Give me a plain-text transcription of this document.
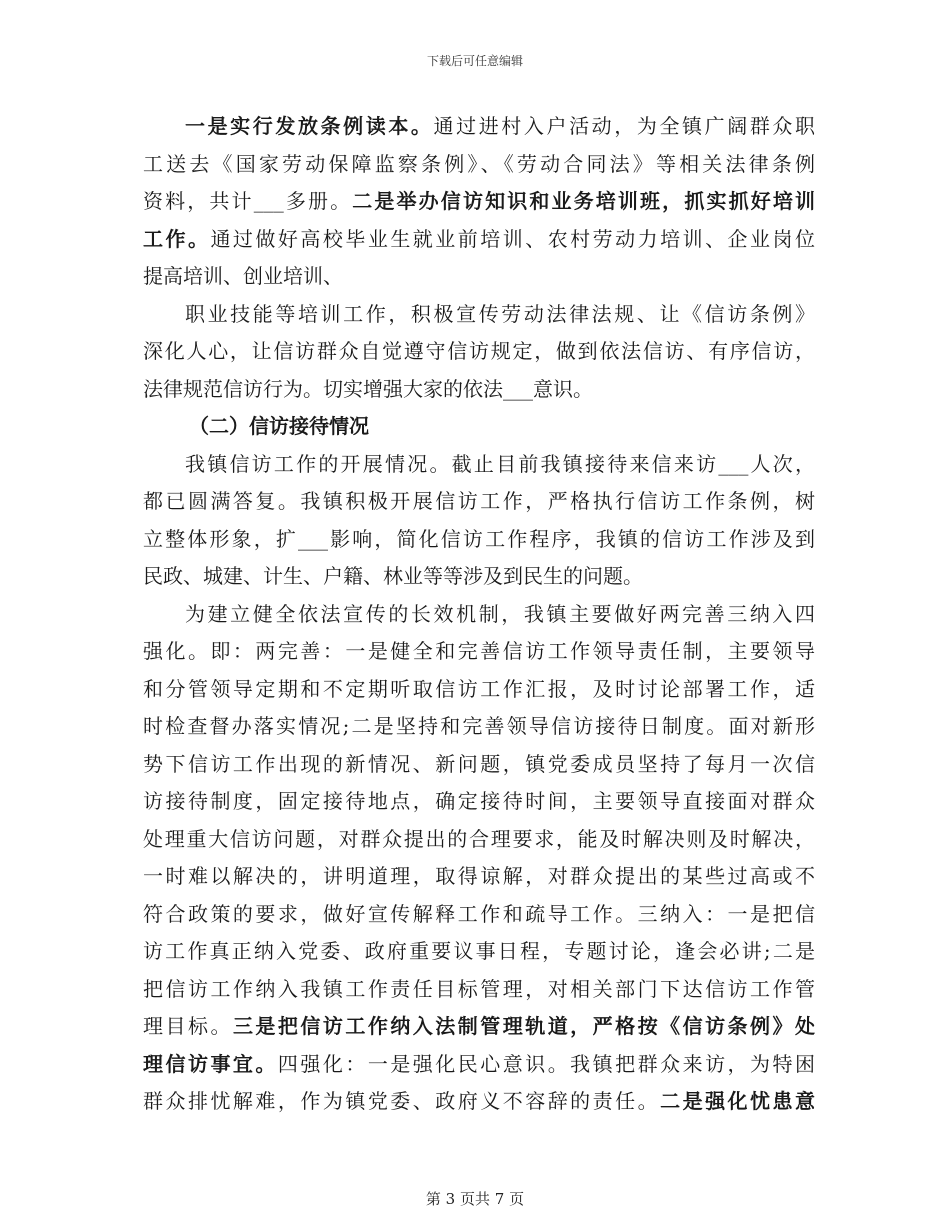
下载后可任意编辑
一是实行发放条例读本。通过进村入户活动，为全镇广阔群众职
工送去《国家劳动保障监察条例》、《劳动合同法》等相关法律条例
资料，共计___多册。二是举办信访知识和业务培训班，抓实抓好培训
工作。通过做好高校毕业生就业前培训、农村劳动力培训、企业岗位
提高培训、创业培训、
职业技能等培训工作，积极宣传劳动法律法规、让《信访条例》
深化人心，让信访群众自觉遵守信访规定，做到依法信访、有序信访，
法律规范信访行为。切实增强大家的依法___意识。
（二）信访接待情况
我镇信访工作的开展情况。截止目前我镇接待来信来访___人次，
都已圆满答复。我镇积极开展信访工作，严格执行信访工作条例，树
立整体形象，扩___影响，简化信访工作程序，我镇的信访工作涉及到
民政、城建、计生、户籍、林业等等涉及到民生的问题。
为建立健全依法宣传的长效机制，我镇主要做好两完善三纳入四
强化。即：两完善：一是健全和完善信访工作领导责任制，主要领导
和分管领导定期和不定期听取信访工作汇报，及时讨论部署工作，适
时检查督办落实情况;二是坚持和完善领导信访接待日制度。面对新形
势下信访工作出现的新情况、新问题，镇党委成员坚持了每月一次信
访接待制度，固定接待地点，确定接待时间，主要领导直接面对群众
处理重大信访问题，对群众提出的合理要求，能及时解决则及时解决，
一时难以解决的，讲明道理，取得谅解，对群众提出的某些过高或不
符合政策的要求，做好宣传解释工作和疏导工作。三纳入：一是把信
访工作真正纳入党委、政府重要议事日程，专题讨论，逢会必讲;二是
把信访工作纳入我镇工作责任目标管理，对相关部门下达信访工作管
理目标。三是把信访工作纳入法制管理轨道，严格按《信访条例》处
理信访事宜。四强化：一是强化民心意识。我镇把群众来访，为特困
群众排忧解难，作为镇党委、政府义不容辞的责任。二是强化忧患意
第 3 页共 7 页
